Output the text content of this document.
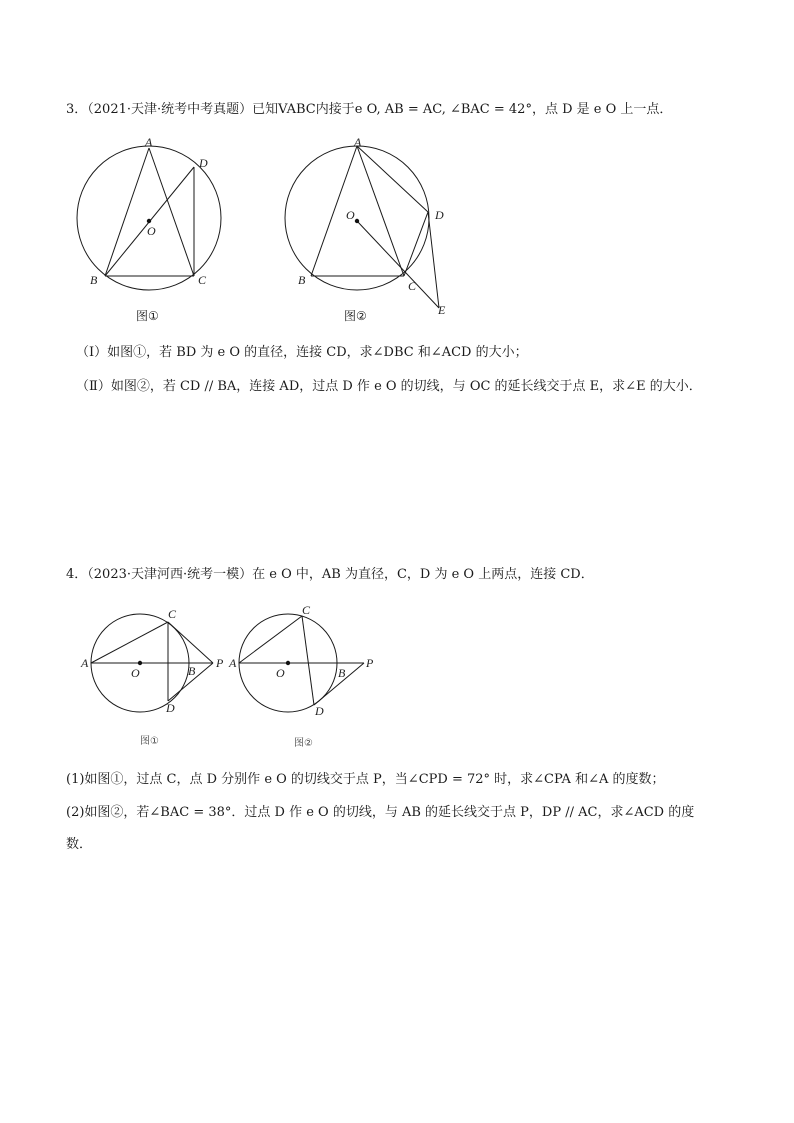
3．（2021·天津·统考中考真题）已知VABC内接于e O, AB = AC, ∠BAC = 42°，点 D 是 e O 上一点．
A
B	C
D
O
图①
A
B	C
D
O
E
图②
（Ⅰ）如图①，若 BD 为 e O 的直径，连接 CD，求∠DBC 和∠ACD 的大小；
（Ⅱ）如图②，若 CD // BA，连接 AD，过点 D 作 e O 的切线，与 OC 的延长线交于点 E，求∠E 的大小．
4．（2023·天津河西·统考一模）在 e O 中，AB 为直径，C，D 为 e O 上两点，连接 CD．
A
B
C
D
O
P
图①
A
B
C
D
O
P
图②
(1)如图①，过点 C，点 D 分别作 e O 的切线交于点 P，当∠CPD = 72° 时，求∠CPA 和∠A 的度数；
(2)如图②，若∠BAC = 38°．过点 D 作 e O 的切线，与 AB 的延长线交于点 P，DP // AC，求∠ACD 的度
数．
